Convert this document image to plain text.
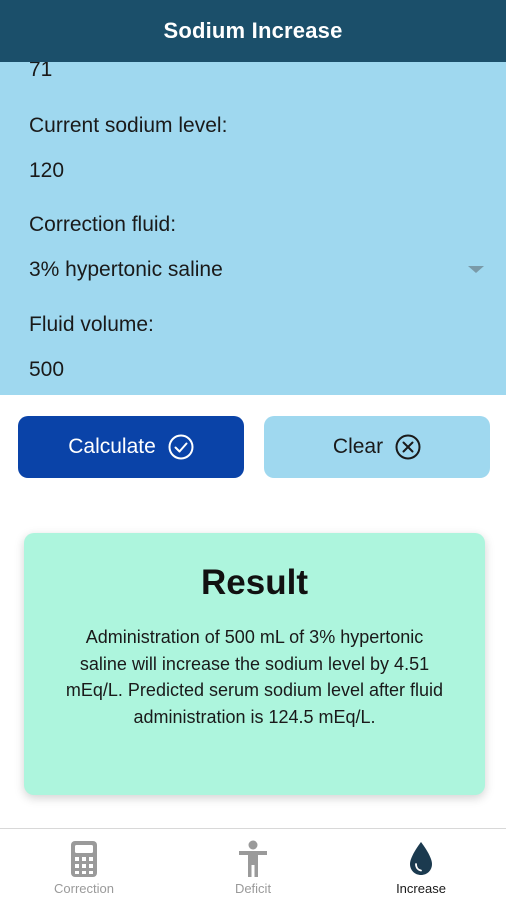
Sodium Increase
71
Current sodium level:
120
Correction fluid:
3% hypertonic saline
Fluid volume:
500
Calculate	Clear
Result
Administration of 500 mL of 3% hypertonic saline will increase the sodium level by 4.51 mEq/L. Predicted serum sodium level after fluid administration is 124.5 mEq/L.
Correction	Deficit	Increase
